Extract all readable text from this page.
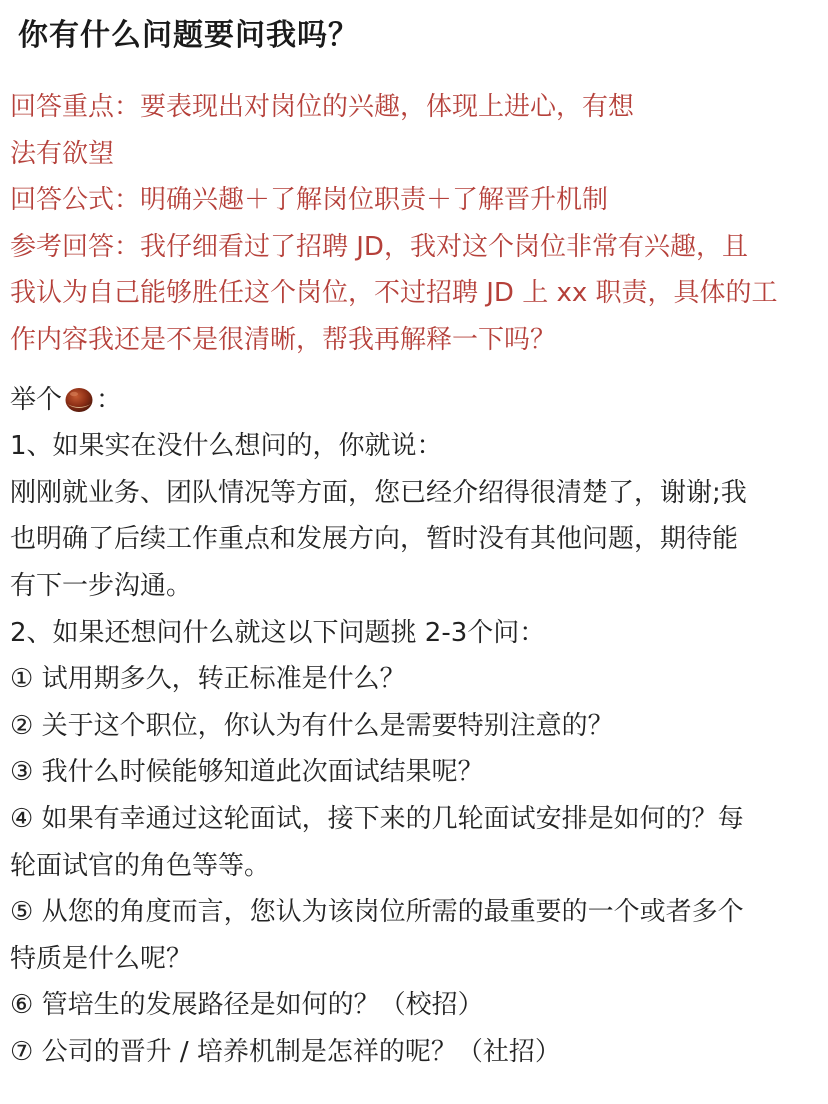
你有什么问题要问我吗？
回答重点：要表现出对岗位的兴趣，体现上进心，有想
法有欲望
回答公式：明确兴趣＋了解岗位职责＋了解晋升机制
参考回答：我仔细看过了招聘 JD，我对这个岗位非常有兴趣，且
我认为自己能够胜任这个岗位，不过招聘 JD 上 xx 职责，具体的工
作内容我还是不是很清晰，帮我再解释一下吗？
举个 ：
1、如果实在没什么想问的，你就说：
刚刚就业务、团队情况等方面，您已经介绍得很清楚了，谢谢;我
也明确了后续工作重点和发展方向，暂时没有其他问题，期待能
有下一步沟通。
2、如果还想问什么就这以下问题挑 2-3个问：
① 试用期多久，转正标准是什么？
② 关于这个职位，你认为有什么是需要特别注意的？
③ 我什么时候能够知道此次面试结果呢？
④ 如果有幸通过这轮面试，接下来的几轮面试安排是如何的？每
轮面试官的角色等等。
⑤ 从您的角度而言，您认为该岗位所需的最重要的一个或者多个
特质是什么呢？
⑥ 管培生的发展路径是如何的？（校招）
⑦ 公司的晋升 / 培养机制是怎祥的呢？（社招）
